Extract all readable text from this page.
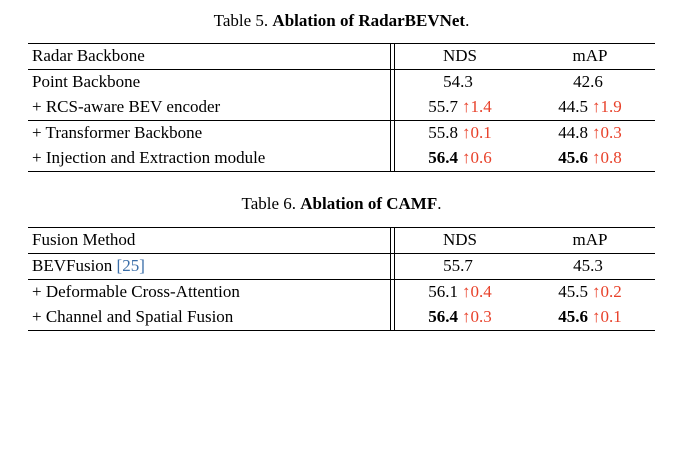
Table 5. Ablation of RadarBEVNet.
Radar Backbone	NDS	mAP
Point Backbone	54.3	42.6
+ RCS-aware BEV encoder	55.7 ↑1.4	44.5 ↑1.9
+ Transformer Backbone	55.8 ↑0.1	44.8 ↑0.3
+ Injection and Extraction module	56.4 ↑0.6	45.6 ↑0.8
Table 6. Ablation of CAMF.
Fusion Method	NDS	mAP
BEVFusion [25]	55.7	45.3
+ Deformable Cross-Attention	56.1 ↑0.4	45.5 ↑0.2
+ Channel and Spatial Fusion	56.4 ↑0.3	45.6 ↑0.1
